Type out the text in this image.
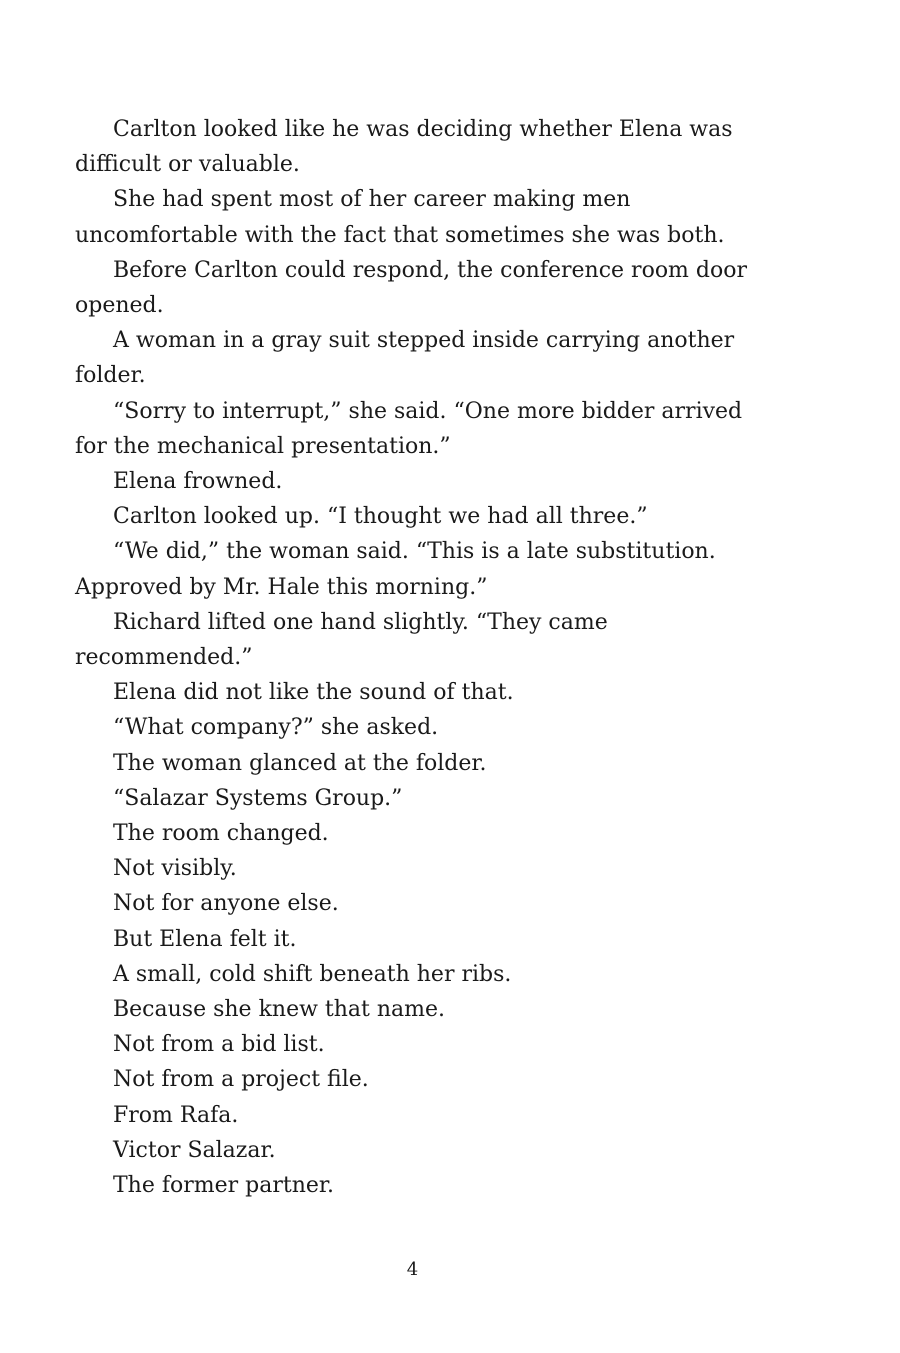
Carlton looked like he was deciding whether Elena was difficult or valuable.

She had spent most of her career making men uncomfortable with the fact that sometimes she was both.

Before Carlton could respond, the conference room door opened.

A woman in a gray suit stepped inside carrying another folder.

“Sorry to interrupt,” she said. “One more bidder arrived for the mechanical presentation.”

Elena frowned.

Carlton looked up. “I thought we had all three.”

“We did,” the woman said. “This is a late substitution. Approved by Mr. Hale this morning.”

Richard lifted one hand slightly. “They came recommended.”

Elena did not like the sound of that.

“What company?” she asked.

The woman glanced at the folder.

“Salazar Systems Group.”

The room changed.

Not visibly.

Not for anyone else.

But Elena felt it.

A small, cold shift beneath her ribs.

Because she knew that name.

Not from a bid list.

Not from a project file.

From Rafa.

Victor Salazar.

The former partner.

4
